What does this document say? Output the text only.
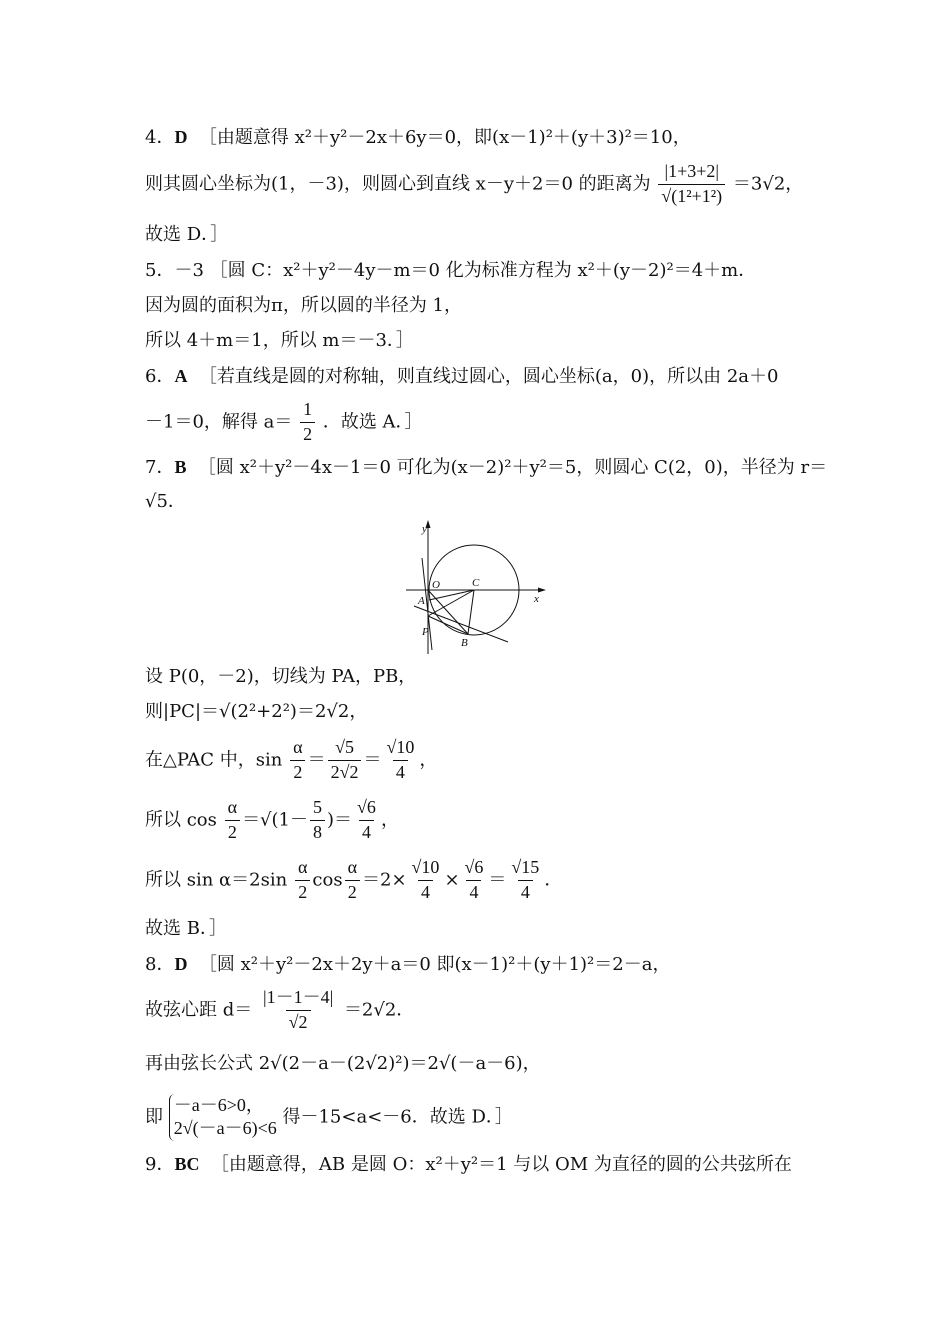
4．D ［由题意得 x²＋y²－2x＋6y＝0，即(x－1)²＋(y＋3)²＝10，
则其圆心坐标为(1，－3)，则圆心到直线 x－y＋2＝0 的距离为 $\frac{|1+3+2|}{\text{√(1²+1²)}} =3√2$，
故选 D．］
5．－3 ［圆 C：x²＋y²－4y－m＝0 化为标准方程为 x²＋(y－2)²＝4＋m．
因为圆的面积为π，所以圆的半径为 1，
所以 4＋m＝1，所以 m＝－3．］
6．A ［若直线是圆的对称轴，则直线过圆心，圆心坐标(a，0)，所以由 2a＋0
－1＝0，解得 $a= \frac{1}{2}$ ．故选 A．］
7．B ［圆 x²＋y²－4x－1＝0 可化为(x－2)²＋y²＝5，则圆心 C(2，0)，半径为 r＝
√5．
y
x
O	C
A
P
B
设 P(0，－2)，切线为 PA，PB，
则|PC|＝√(2²+2²)＝2√2，
在△PAC 中，$\sin \frac{\alpha}{2} = \frac{√5}{2√2} = \frac{√10}{4}$ ，
所以 $\cos \frac{\alpha}{2} =√(1- \frac{5}{8}$ )＝ $\frac{√6}{4}$ ，
所以 $\sin \alpha=2\sin \frac{\alpha}{2}$ $\cos \frac{\alpha}{2} =2\times \frac{√10}{4} \times \frac{√6}{4} = \frac{√15}{4}$ ．
故选 B．］
8．D ［圆 x²＋y²－2x＋2y＋a＝0 即(x－1)²＋(y＋1)²＝2－a，
故弦心距 $d= \frac{|1-1-4|}{√2} =2√2$．
再由弦长公式 2√(2－a－(2√2)²)＝2√(－a－6)，
即
－a－6>0，
2√(－a－6)<6
得－15<a<－6．故选 D．］
9．BC ［由题意得，AB 是圆 O：x²＋y²＝1 与以 OM 为直径的圆的公共弦所在
